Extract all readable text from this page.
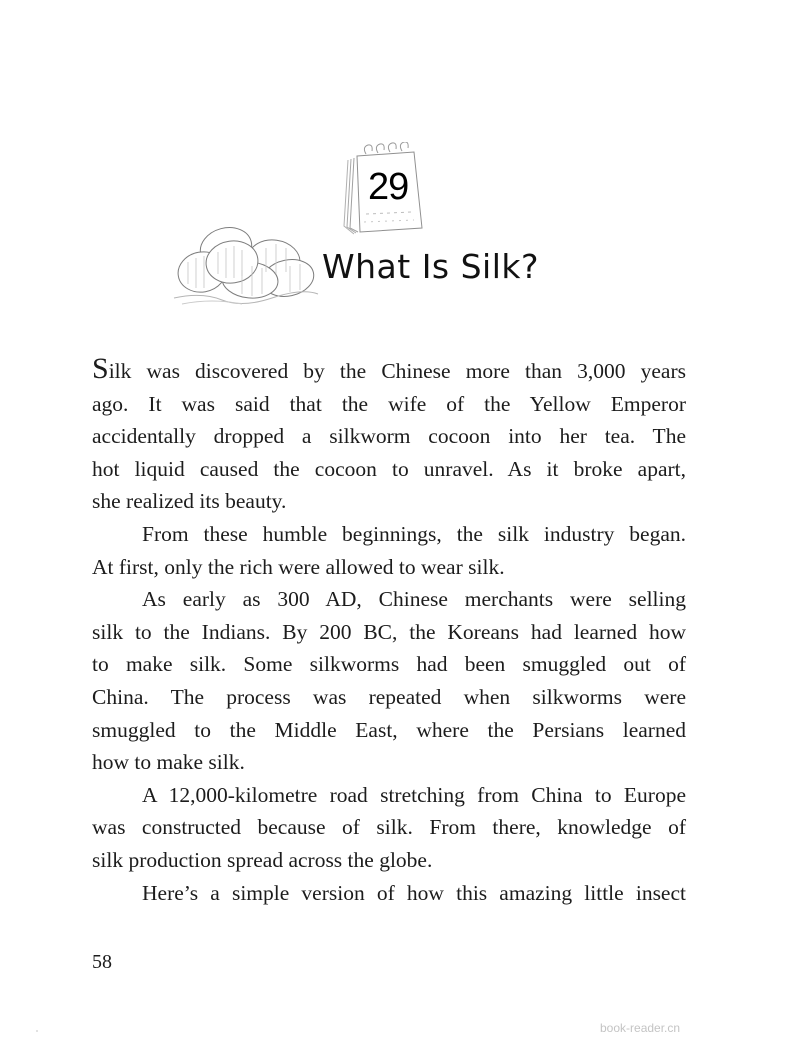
29
What Is Silk?
Silk was discovered by the Chinese more than 3,000 years
ago. It was said that the wife of the Yellow Emperor
accidentally dropped a silkworm cocoon into her tea. The
hot liquid caused the cocoon to unravel. As it broke apart,
she realized its beauty.
From these humble beginnings, the silk industry began.
At first, only the rich were allowed to wear silk.
As early as 300 AD, Chinese merchants were selling
silk to the Indians. By 200 BC, the Koreans had learned how
to make silk. Some silkworms had been smuggled out of
China. The process was repeated when silkworms were
smuggled to the Middle East, where the Persians learned
how to make silk.
A 12,000-kilometre road stretching from China to Europe
was constructed because of silk. From there, knowledge of
silk production spread across the globe.
Here’s a simple version of how this amazing little insect
58
book-reader.cn
